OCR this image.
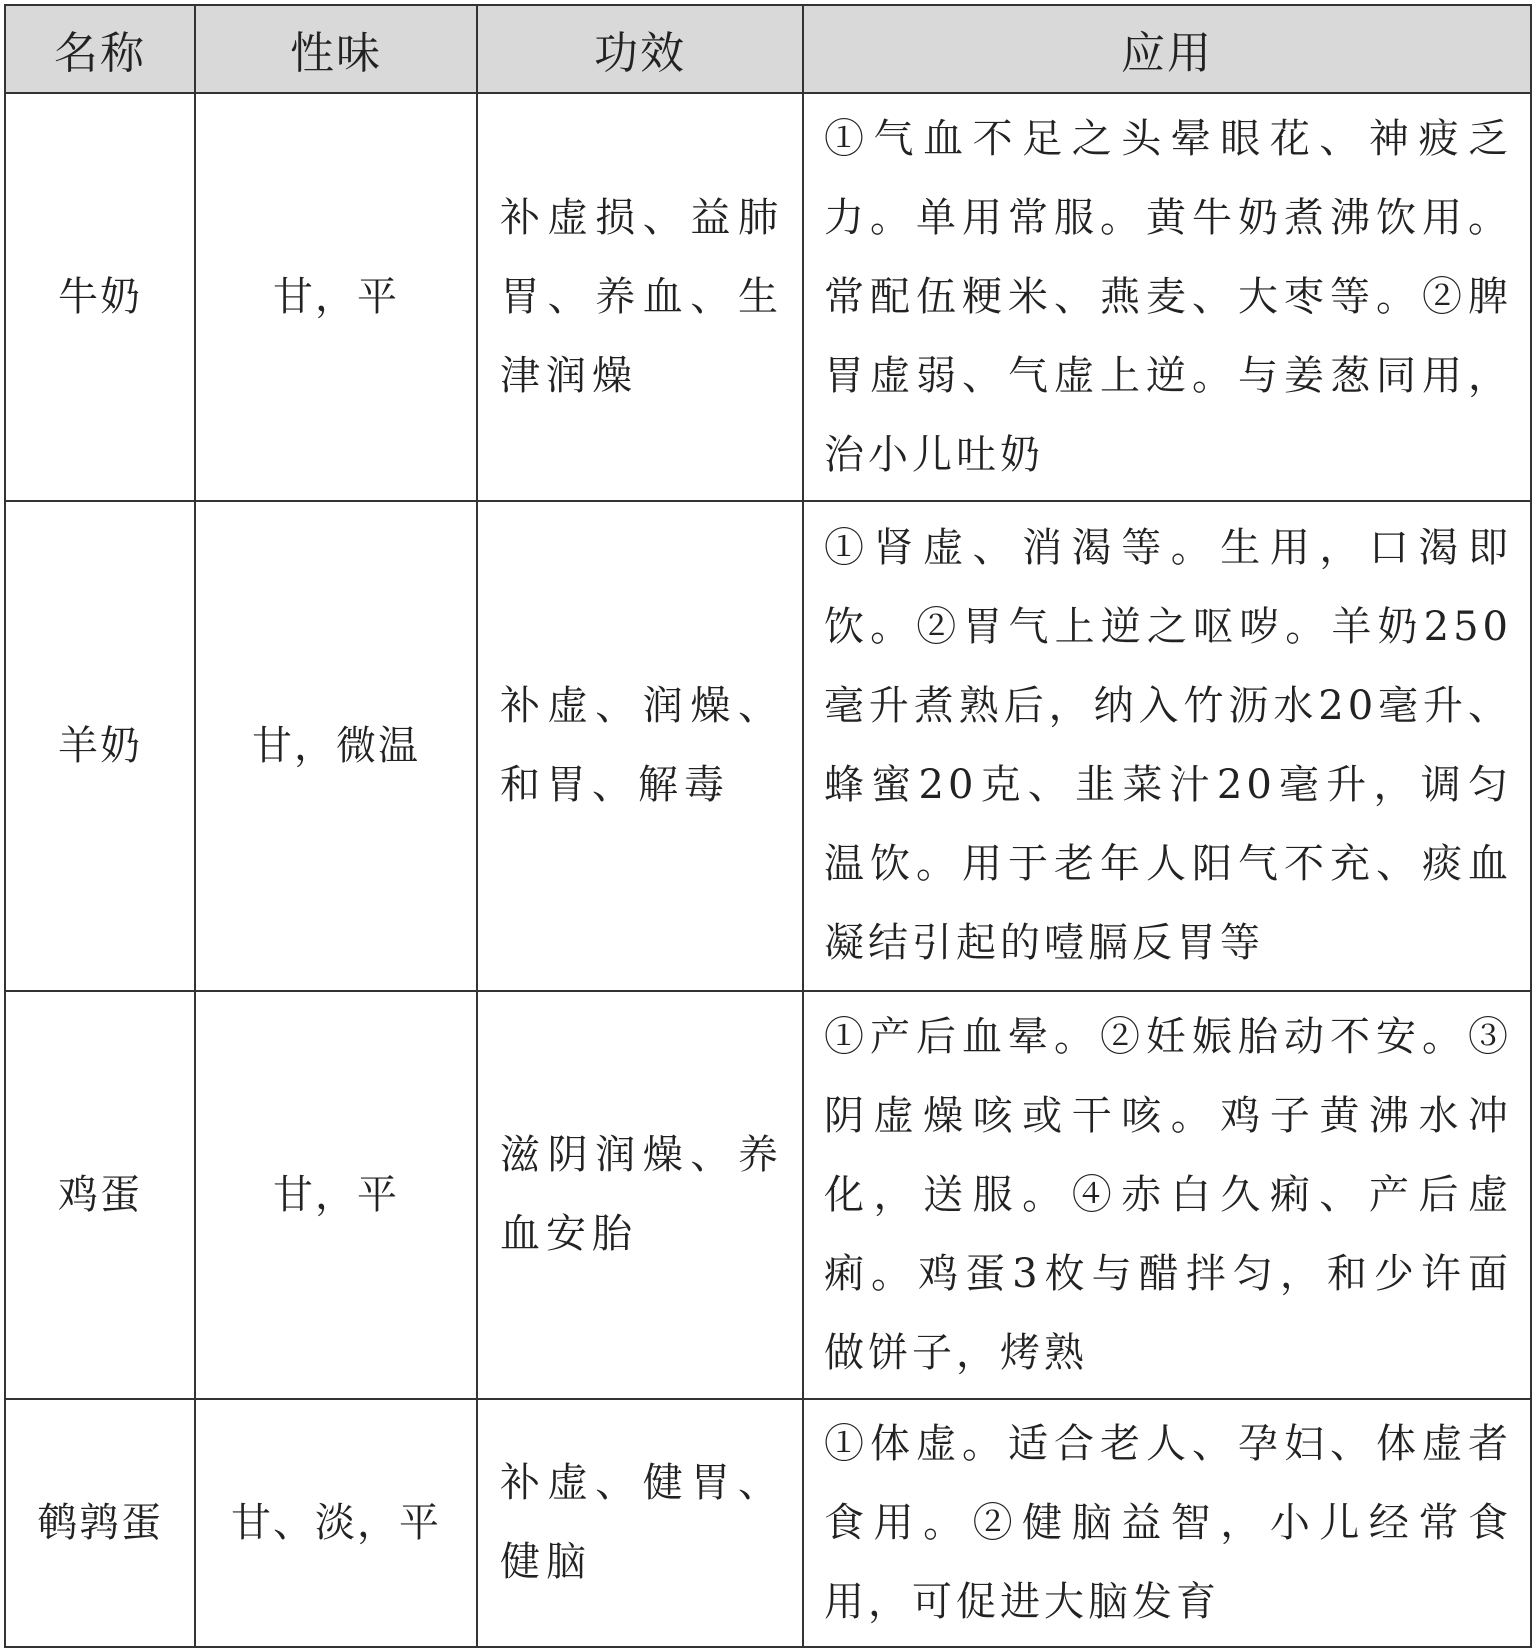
名称	性味	功效	应用
牛奶	甘，平	补虚损、益肺胃、养血、生津润燥	①气血不足之头晕眼花、神疲乏力。单用常服。黄牛奶煮沸饮用。常配伍粳米、燕麦、大枣等。②脾胃虚弱、气虚上逆。与姜葱同用，治小儿吐奶
羊奶	甘，微温	补虚、润燥、和胃、解毒	①肾虚、消渴等。生用，口渴即饮。②胃气上逆之呕哕。羊奶250毫升煮熟后，纳入竹沥水20毫升、蜂蜜20克、韭菜汁20毫升，调匀温饮。用于老年人阳气不充、痰血凝结引起的噎膈反胃等
鸡蛋	甘，平	滋阴润燥、养血安胎	①产后血晕。②妊娠胎动不安。③阴虚燥咳或干咳。鸡子黄沸水冲化，送服。④赤白久痢、产后虚痢。鸡蛋3枚与醋拌匀，和少许面做饼子，烤熟
鹌鹑蛋	甘、淡，平	补虚、健胃、健脑	①体虚。适合老人、孕妇、体虚者食用。②健脑益智，小儿经常食用，可促进大脑发育
